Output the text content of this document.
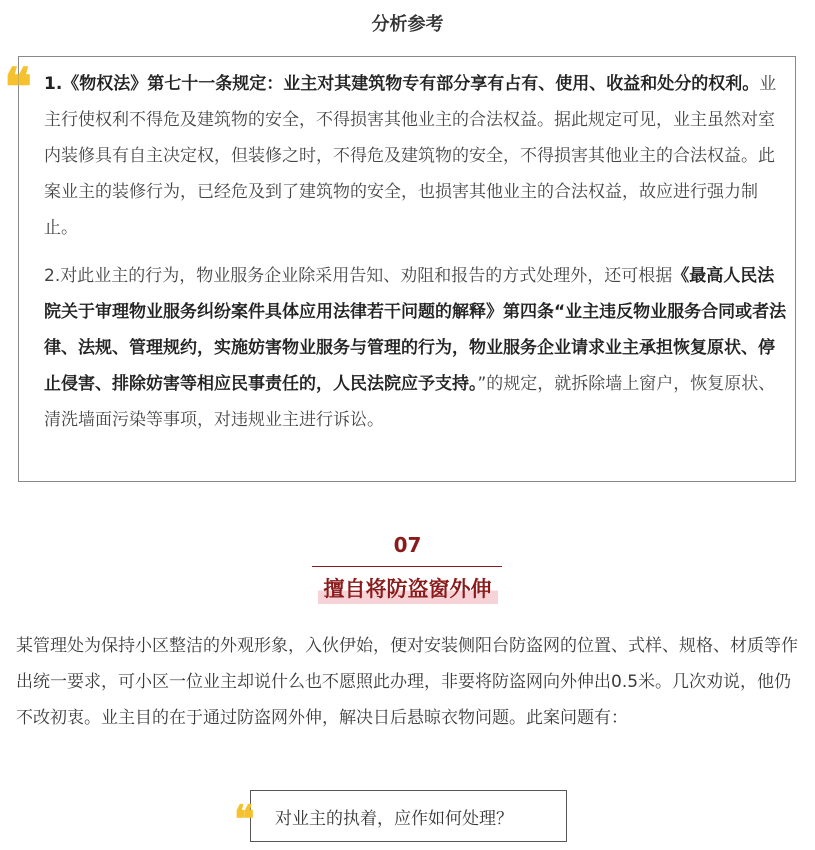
分析参考
❝ 1.《物权法》第七十一条规定：业主对其建筑物专有部分享有占有、使用、收益和处分的权利。业主行使权利不得危及建筑物的安全，不得损害其他业主的合法权益。据此规定可见，业主虽然对室内装修具有自主决定权，但装修之时，不得危及建筑物的安全，不得损害其他业主的合法权益。此案业主的装修行为，已经危及到了建筑物的安全，也损害其他业主的合法权益，故应进行强力制止。

2.对此业主的行为，物业服务企业除采用告知、劝阻和报告的方式处理外，还可根据《最高人民法院关于审理物业服务纠纷案件具体应用法律若干问题的解释》第四条“业主违反物业服务合同或者法律、法规、管理规约，实施妨害物业服务与管理的行为，物业服务企业请求业主承担恢复原状、停止侵害、排除妨害等相应民事责任的，人民法院应予支持。”的规定，就拆除墙上窗户，恢复原状、清洗墙面污染等事项，对违规业主进行诉讼。

07
擅自将防盗窗外伸

某管理处为保持小区整洁的外观形象，入伙伊始，便对安装侧阳台防盗网的位置、式样、规格、材质等作出统一要求，可小区一位业主却说什么也不愿照此办理，非要将防盗网向外伸出0.5米。几次劝说，他仍不改初衷。业主目的在于通过防盗网外伸，解决日后悬晾衣物问题。此案问题有：

对业主的执着，应作如何处理？
❝
